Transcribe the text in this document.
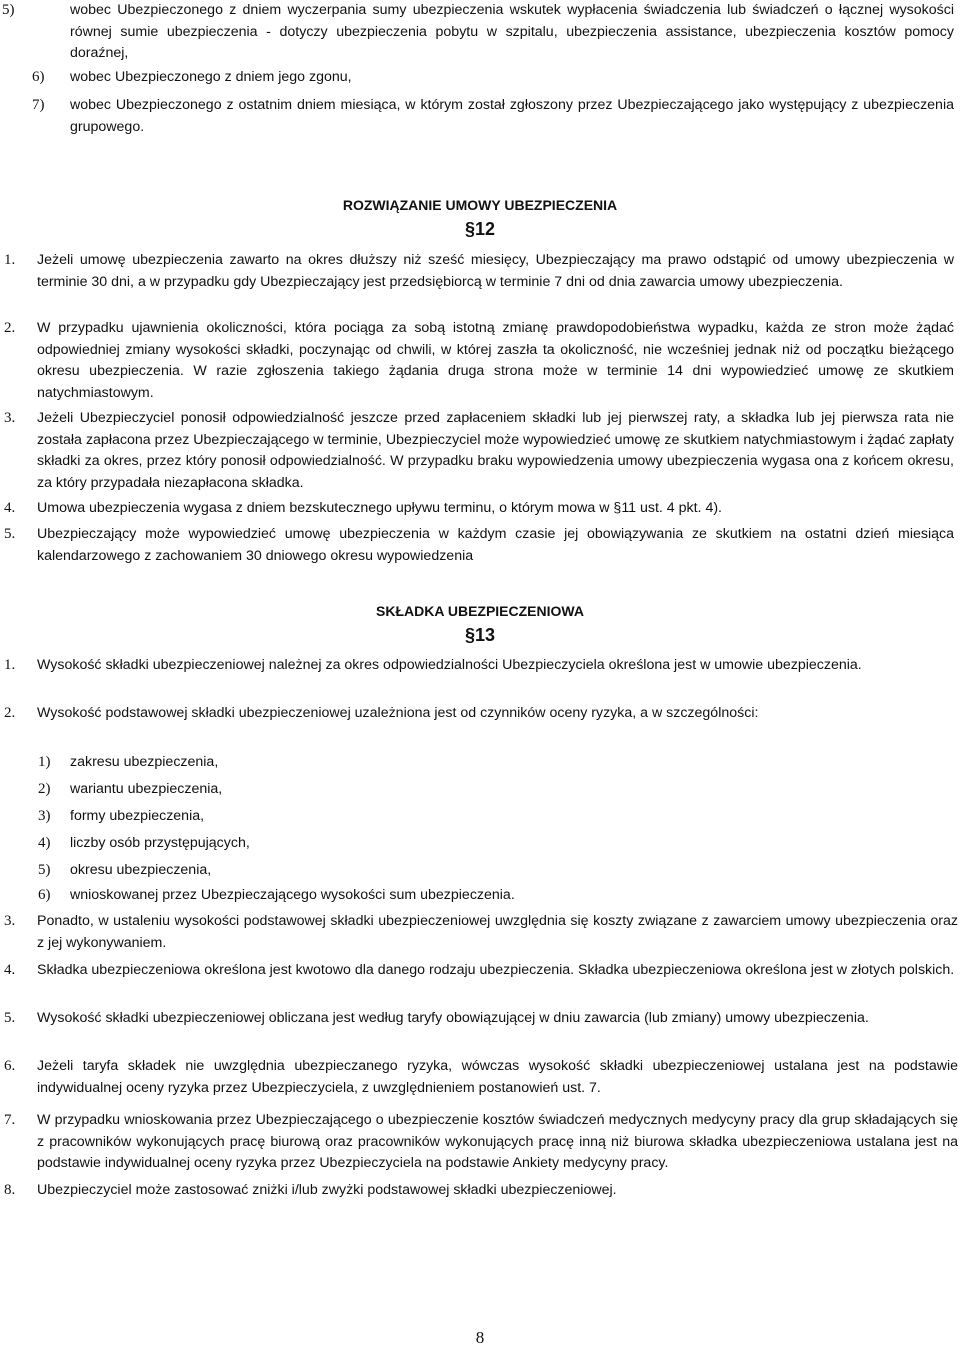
5)	wobec Ubezpieczonego z dniem wyczerpania sumy ubezpieczenia wskutek wypłacenia świadczenia lub świadczeń o łącznej wysokości równej sumie ubezpieczenia - dotyczy ubezpieczenia pobytu w szpitalu, ubezpieczenia assistance, ubezpieczenia kosztów pomocy doraźnej,
6) wobec Ubezpieczonego z dniem jego zgonu,
7) wobec Ubezpieczonego z ostatnim dniem miesiąca, w którym został zgłoszony przez Ubezpieczającego jako występujący z ubezpieczenia grupowego.
ROZWIĄZANIE UMOWY UBEZPIECZENIA
§12
1. Jeżeli umowę ubezpieczenia zawarto na okres dłuższy niż sześć miesięcy, Ubezpieczający ma prawo odstąpić od umowy ubezpieczenia w terminie 30 dni, a w przypadku gdy Ubezpieczający jest przedsiębiorcą w terminie 7 dni od dnia zawarcia umowy ubezpieczenia.
2. W przypadku ujawnienia okoliczności, która pociąga za sobą istotną zmianę prawdopodobieństwa wypadku, każda ze stron może żądać odpowiedniej zmiany wysokości składki, poczynając od chwili, w której zaszła ta okoliczność, nie wcześniej jednak niż od początku bieżącego okresu ubezpieczenia. W razie zgłoszenia takiego żądania druga strona może w terminie 14 dni wypowiedzieć umowę ze skutkiem natychmiastowym.
3. Jeżeli Ubezpieczyciel ponosił odpowiedzialność jeszcze przed zapłaceniem składki lub jej pierwszej raty, a składka lub jej pierwsza rata nie została zapłacona przez Ubezpieczającego w terminie, Ubezpieczyciel może wypowiedzieć umowę ze skutkiem natychmiastowym i żądać zapłaty składki za okres, przez który ponosił odpowiedzialność. W przypadku braku wypowiedzenia umowy ubezpieczenia wygasa ona z końcem okresu, za który przypadała niezapłacona składka.
4. Umowa ubezpieczenia wygasa z dniem bezskutecznego upływu terminu, o którym mowa w §11 ust. 4 pkt. 4).
5. Ubezpieczający może wypowiedzieć umowę ubezpieczenia w każdym czasie jej obowiązywania ze skutkiem na ostatni dzień miesiąca kalendarzowego z zachowaniem 30 dniowego okresu wypowiedzenia
SKŁADKA UBEZPIECZENIOWA
§13
1. Wysokość składki ubezpieczeniowej należnej za okres odpowiedzialności Ubezpieczyciela określona jest w umowie ubezpieczenia.
2. Wysokość podstawowej składki ubezpieczeniowej uzależniona jest od czynników oceny ryzyka, a w szczególności:
1) zakresu ubezpieczenia,
2) wariantu ubezpieczenia,
3) formy ubezpieczenia,
4) liczby osób przystępujących,
5) okresu ubezpieczenia,
6) wnioskowanej przez Ubezpieczającego wysokości sum ubezpieczenia.
3. Ponadto, w ustaleniu wysokości podstawowej składki ubezpieczeniowej uwzględnia się koszty związane z zawarciem umowy ubezpieczenia oraz z jej wykonywaniem.
4. Składka ubezpieczeniowa określona jest kwotowo dla danego rodzaju ubezpieczenia. Składka ubezpieczeniowa określona jest w złotych polskich.
5. Wysokość składki ubezpieczeniowej obliczana jest według taryfy obowiązującej w dniu zawarcia (lub zmiany) umowy ubezpieczenia.
6. Jeżeli taryfa składek nie uwzględnia ubezpieczanego ryzyka, wówczas wysokość składki ubezpieczeniowej ustalana jest na podstawie indywidualnej oceny ryzyka przez Ubezpieczyciela, z uwzględnieniem postanowień ust. 7.
7. W przypadku wnioskowania przez Ubezpieczającego o ubezpieczenie kosztów świadczeń medycznych medycyny pracy dla grup składających się z pracowników wykonujących pracę biurową oraz pracowników wykonujących pracę inną niż biurowa składka ubezpieczeniowa ustalana jest na podstawie indywidualnej oceny ryzyka przez Ubezpieczyciela na podstawie Ankiety medycyny pracy.
8. Ubezpieczyciel może zastosować zniżki i/lub zwyżki podstawowej składki ubezpieczeniowej.
8
